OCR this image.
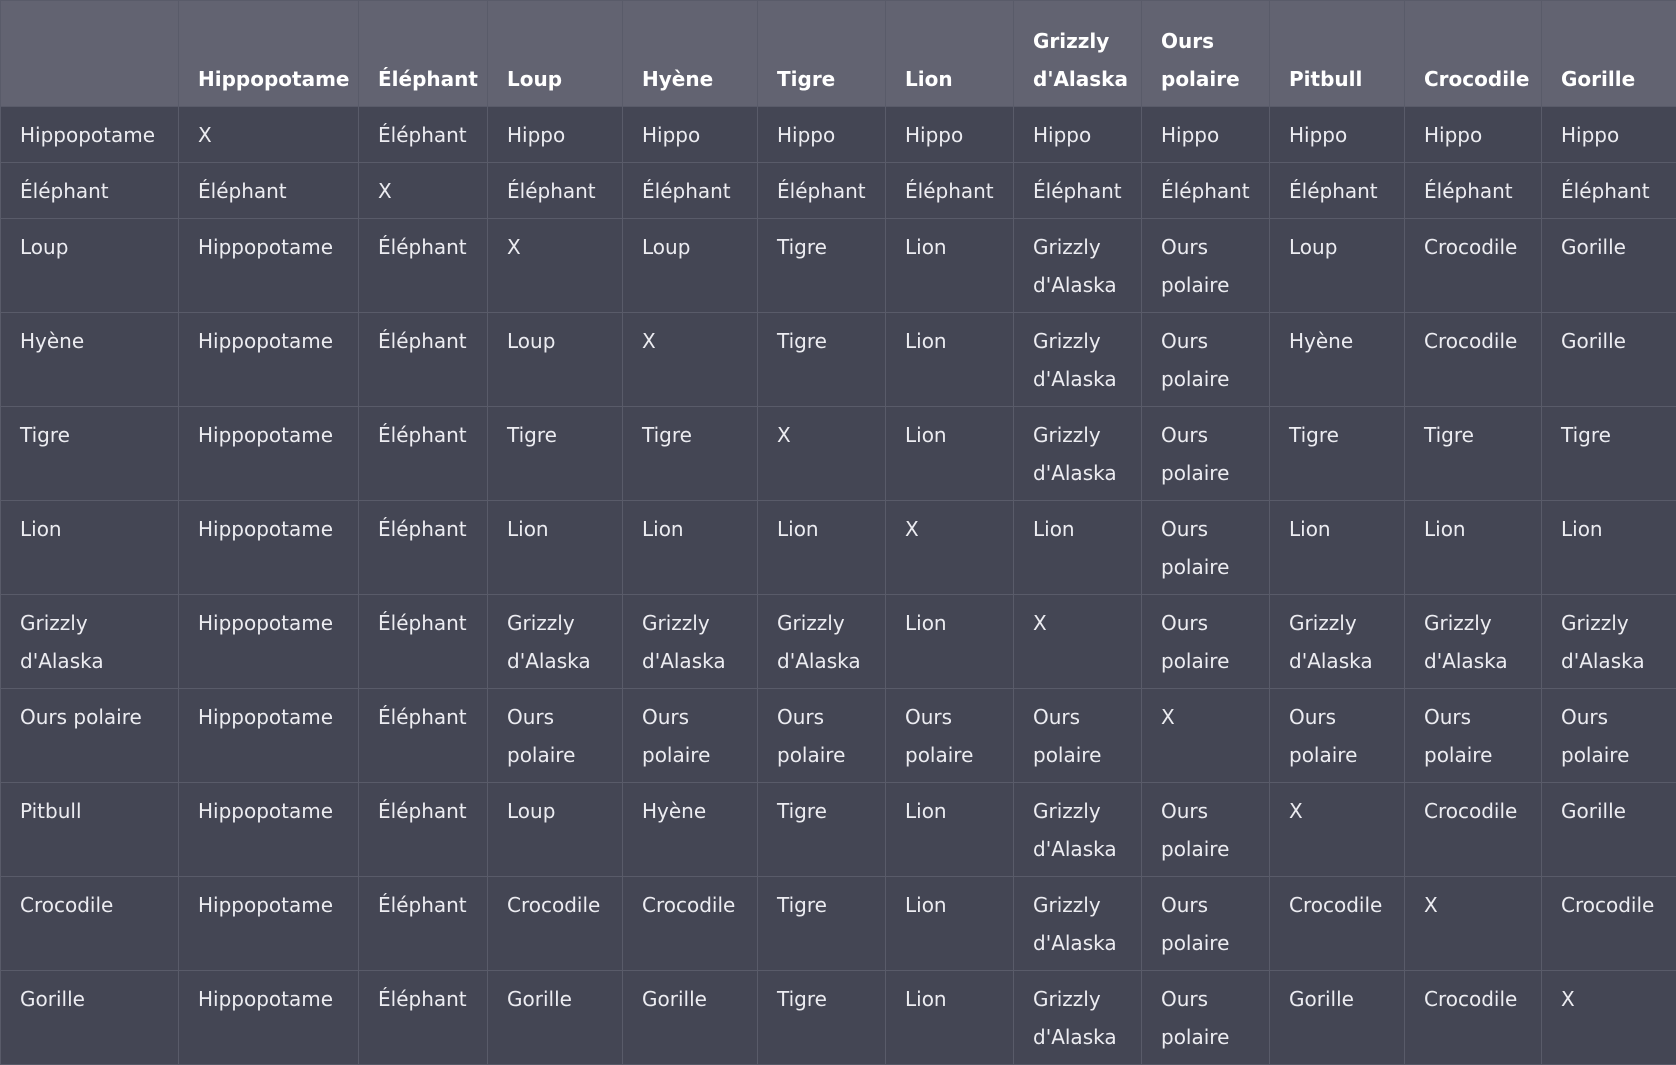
	Hippopotame	Éléphant	Loup	Hyène	Tigre	Lion	Grizzly d'Alaska	Ours polaire	Pitbull	Crocodile	Gorille
Hippopotame	X	Éléphant	Hippo	Hippo	Hippo	Hippo	Hippo	Hippo	Hippo	Hippo	Hippo
Éléphant	Éléphant	X	Éléphant	Éléphant	Éléphant	Éléphant	Éléphant	Éléphant	Éléphant	Éléphant	Éléphant
Loup	Hippopotame	Éléphant	X	Loup	Tigre	Lion	Grizzly d'Alaska	Ours polaire	Loup	Crocodile	Gorille
Hyène	Hippopotame	Éléphant	Loup	X	Tigre	Lion	Grizzly d'Alaska	Ours polaire	Hyène	Crocodile	Gorille
Tigre	Hippopotame	Éléphant	Tigre	Tigre	X	Lion	Grizzly d'Alaska	Ours polaire	Tigre	Tigre	Tigre
Lion	Hippopotame	Éléphant	Lion	Lion	Lion	X	Lion	Ours polaire	Lion	Lion	Lion
Grizzly d'Alaska	Hippopotame	Éléphant	Grizzly d'Alaska	Grizzly d'Alaska	Grizzly d'Alaska	Lion	X	Ours polaire	Grizzly d'Alaska	Grizzly d'Alaska	Grizzly d'Alaska
Ours polaire	Hippopotame	Éléphant	Ours polaire	Ours polaire	Ours polaire	Ours polaire	Ours polaire	X	Ours polaire	Ours polaire	Ours polaire
Pitbull	Hippopotame	Éléphant	Loup	Hyène	Tigre	Lion	Grizzly d'Alaska	Ours polaire	X	Crocodile	Gorille
Crocodile	Hippopotame	Éléphant	Crocodile	Crocodile	Tigre	Lion	Grizzly d'Alaska	Ours polaire	Crocodile	X	Crocodile
Gorille	Hippopotame	Éléphant	Gorille	Gorille	Tigre	Lion	Grizzly d'Alaska	Ours polaire	Gorille	Crocodile	X
